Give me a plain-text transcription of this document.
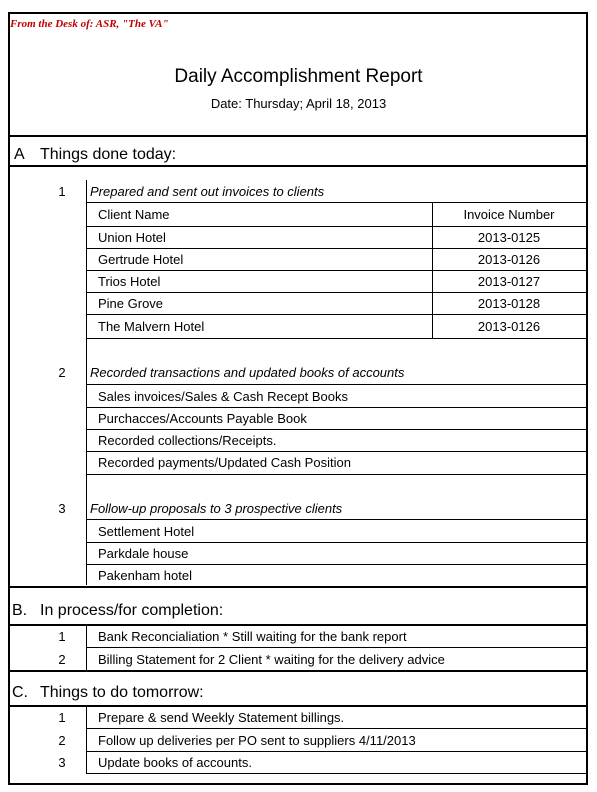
From the Desk of: ASR, "The VA"
Daily Accomplishment Report
Date: Thursday; April 18, 2013
A Things done today:
1	Prepared and sent out invoices to clients
Client Name	Invoice Number
Union Hotel	2013-0125
Gertrude Hotel	2013-0126
Trios Hotel	2013-0127
Pine Grove	2013-0128
The Malvern Hotel	2013-0126
2	Recorded transactions and updated books of accounts
Sales invoices/Sales & Cash Recept Books
Purchacces/Accounts Payable Book
Recorded collections/Receipts.
Recorded payments/Updated Cash Position
3	Follow-up proposals to 3 prospective clients
Settlement Hotel
Parkdale house
Pakenham hotel
B. In process/for completion:
1	Bank Reconcialiation * Still waiting for the bank report
2	Billing Statement for 2 Client * waiting for the delivery advice
C. Things to do tomorrow:
1	Prepare & send Weekly Statement billings.
2	Follow up deliveries per PO sent to suppliers 4/11/2013
3	Update books of accounts.
